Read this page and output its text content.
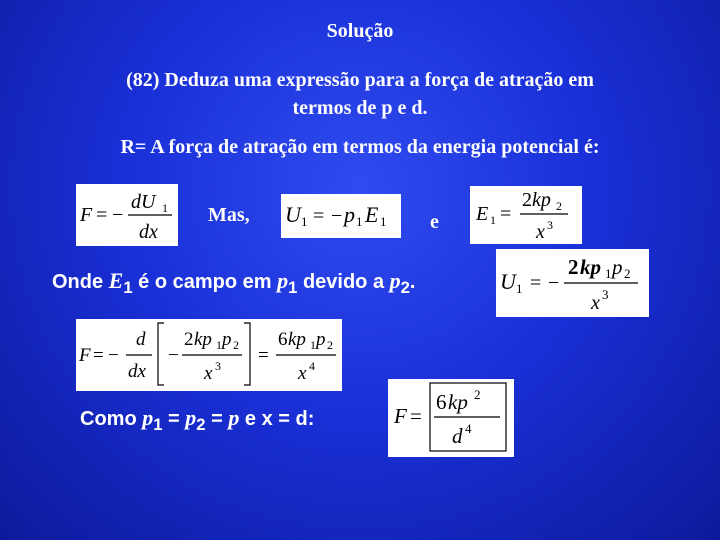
Solução
(82) Deduza uma expressão para a força de atração em
termos de p e d.
R= A força de atração em termos da energia potencial é:
F = −
dU 1
dx
Mas, U 1 = − p 1 E 1 e E 1 =
2 kp 2
x 3
Onde $E_1$ é o campo em $p_1$ devido a $p_2$.	U 1 = −
2 kp 1 p 2
x 3
F = −
d
dx
−
2 kp 1 p 2
x 3 =
6 kp 1 p 2
x 4
Como $p_1 = p_2 = p$ e x = d:	F =
6 kp 2
d 4
